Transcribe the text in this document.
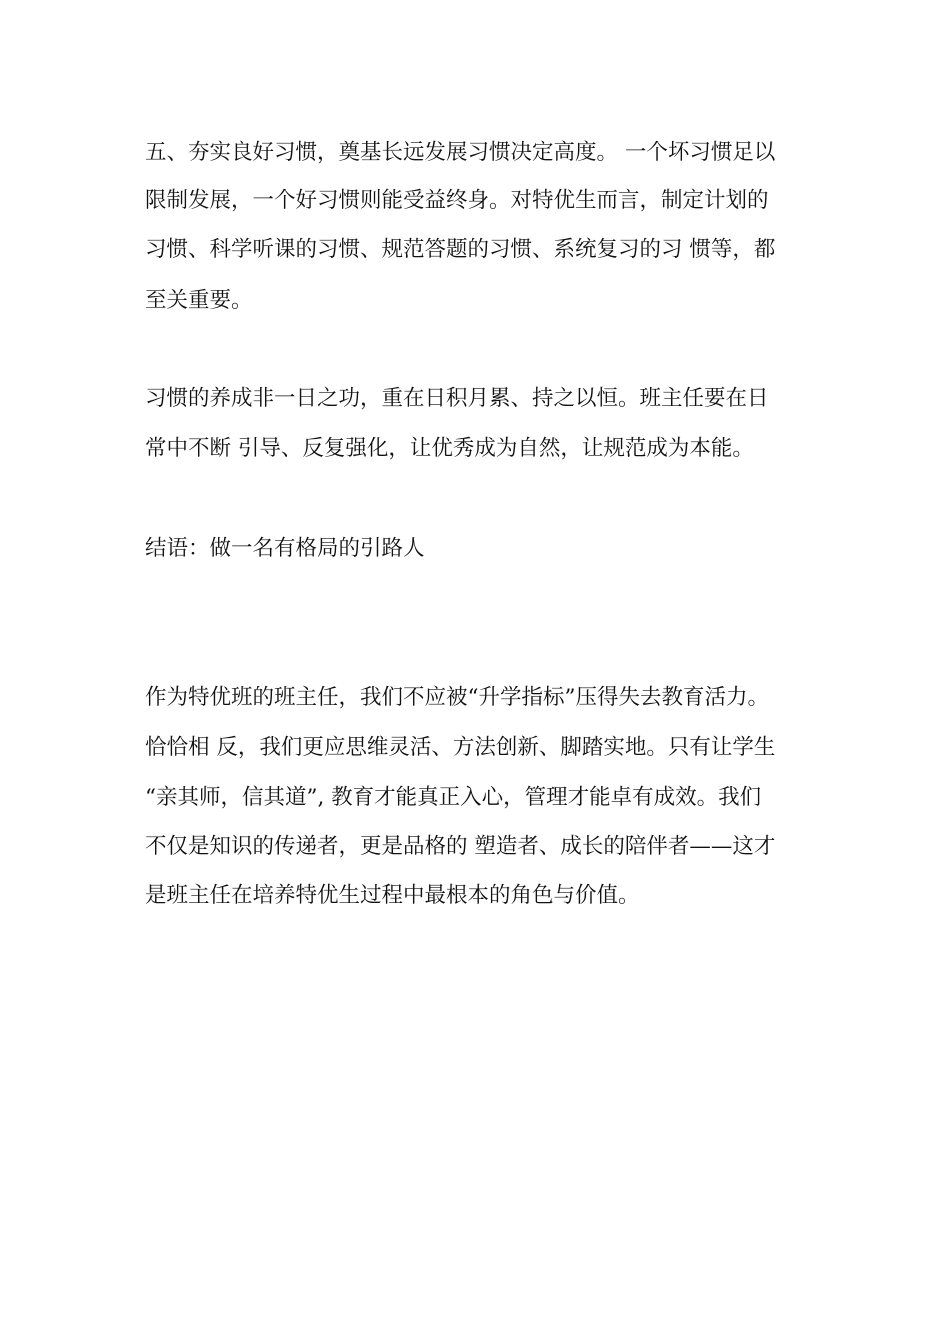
五、夯实良好习惯，奠基长远发展习惯决定高度。 一个坏习惯足以

限制发展，一个好习惯则能受益终身。对特优生而言，制定计划的

习惯、科学听课的习惯、规范答题的习惯、系统复习的习 惯等，都

至关重要。

习惯的养成非一日之功，重在日积月累、持之以恒。班主任要在日

常中不断 引导、反复强化，让优秀成为自然，让规范成为本能。

结语：做一名有格局的引路人

作为特优班的班主任，我们不应被“升学指标”压得失去教育活力。

恰恰相 反，我们更应思维灵活、方法创新、脚踏实地。只有让学生

“亲其师，信其道”, 教育才能真正入心，管理才能卓有成效。我们

不仅是知识的传递者，更是品格的 塑造者、成长的陪伴者——这才

是班主任在培养特优生过程中最根本的角色与价值。
